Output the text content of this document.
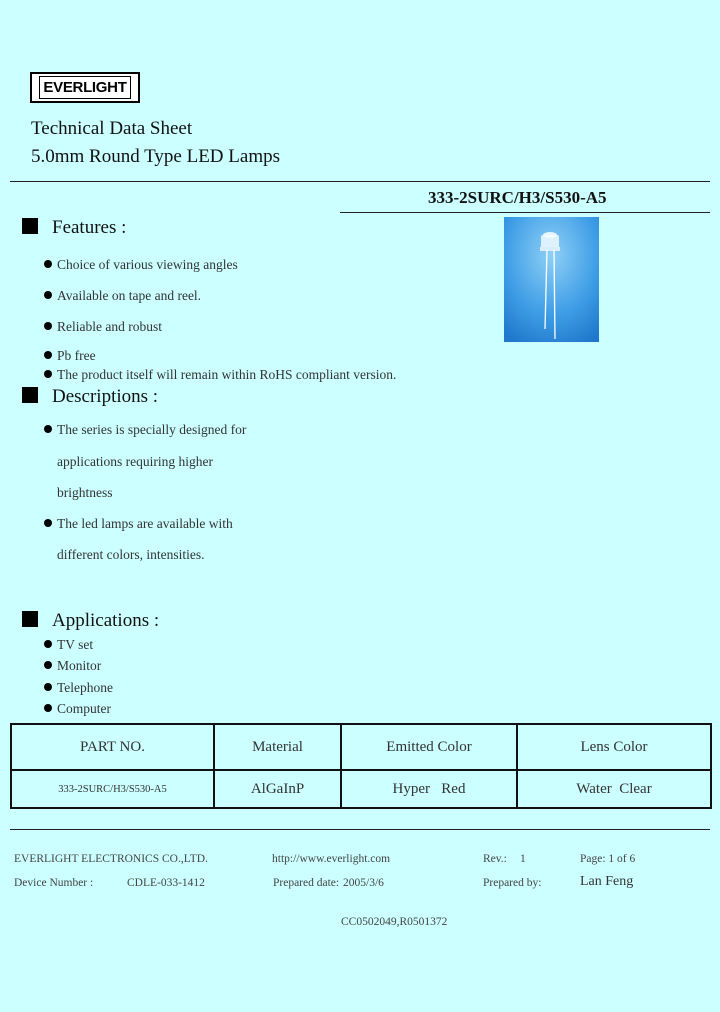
EVERLIGHT
Technical Data Sheet
5.0mm Round Type LED Lamps
333-2SURC/H3/S530-A5
Features :
Choice of various viewing angles
Available on tape and reel.
Reliable and robust
Pb free
The product itself will remain within RoHS compliant version.
Descriptions :
The series is specially designed for
applications requiring higher
brightness
The led lamps are available with
different colors, intensities.
Applications :
TV set
Monitor
Telephone
Computer
PART NO.	Material	Emitted Color	Lens Color
333-2SURC/H3/S530-A5	AlGaInP	Hyper   Red	Water  Clear
EVERLIGHT ELECTRONICS CO.,LTD.	http://www.everlight.com	Rev.: 1	Page: 1 of 6
Device Number :	CDLE-033-1412	Prepared date: 2005/3/6	Prepared by:	Lan Feng
CC0502049,R0501372
